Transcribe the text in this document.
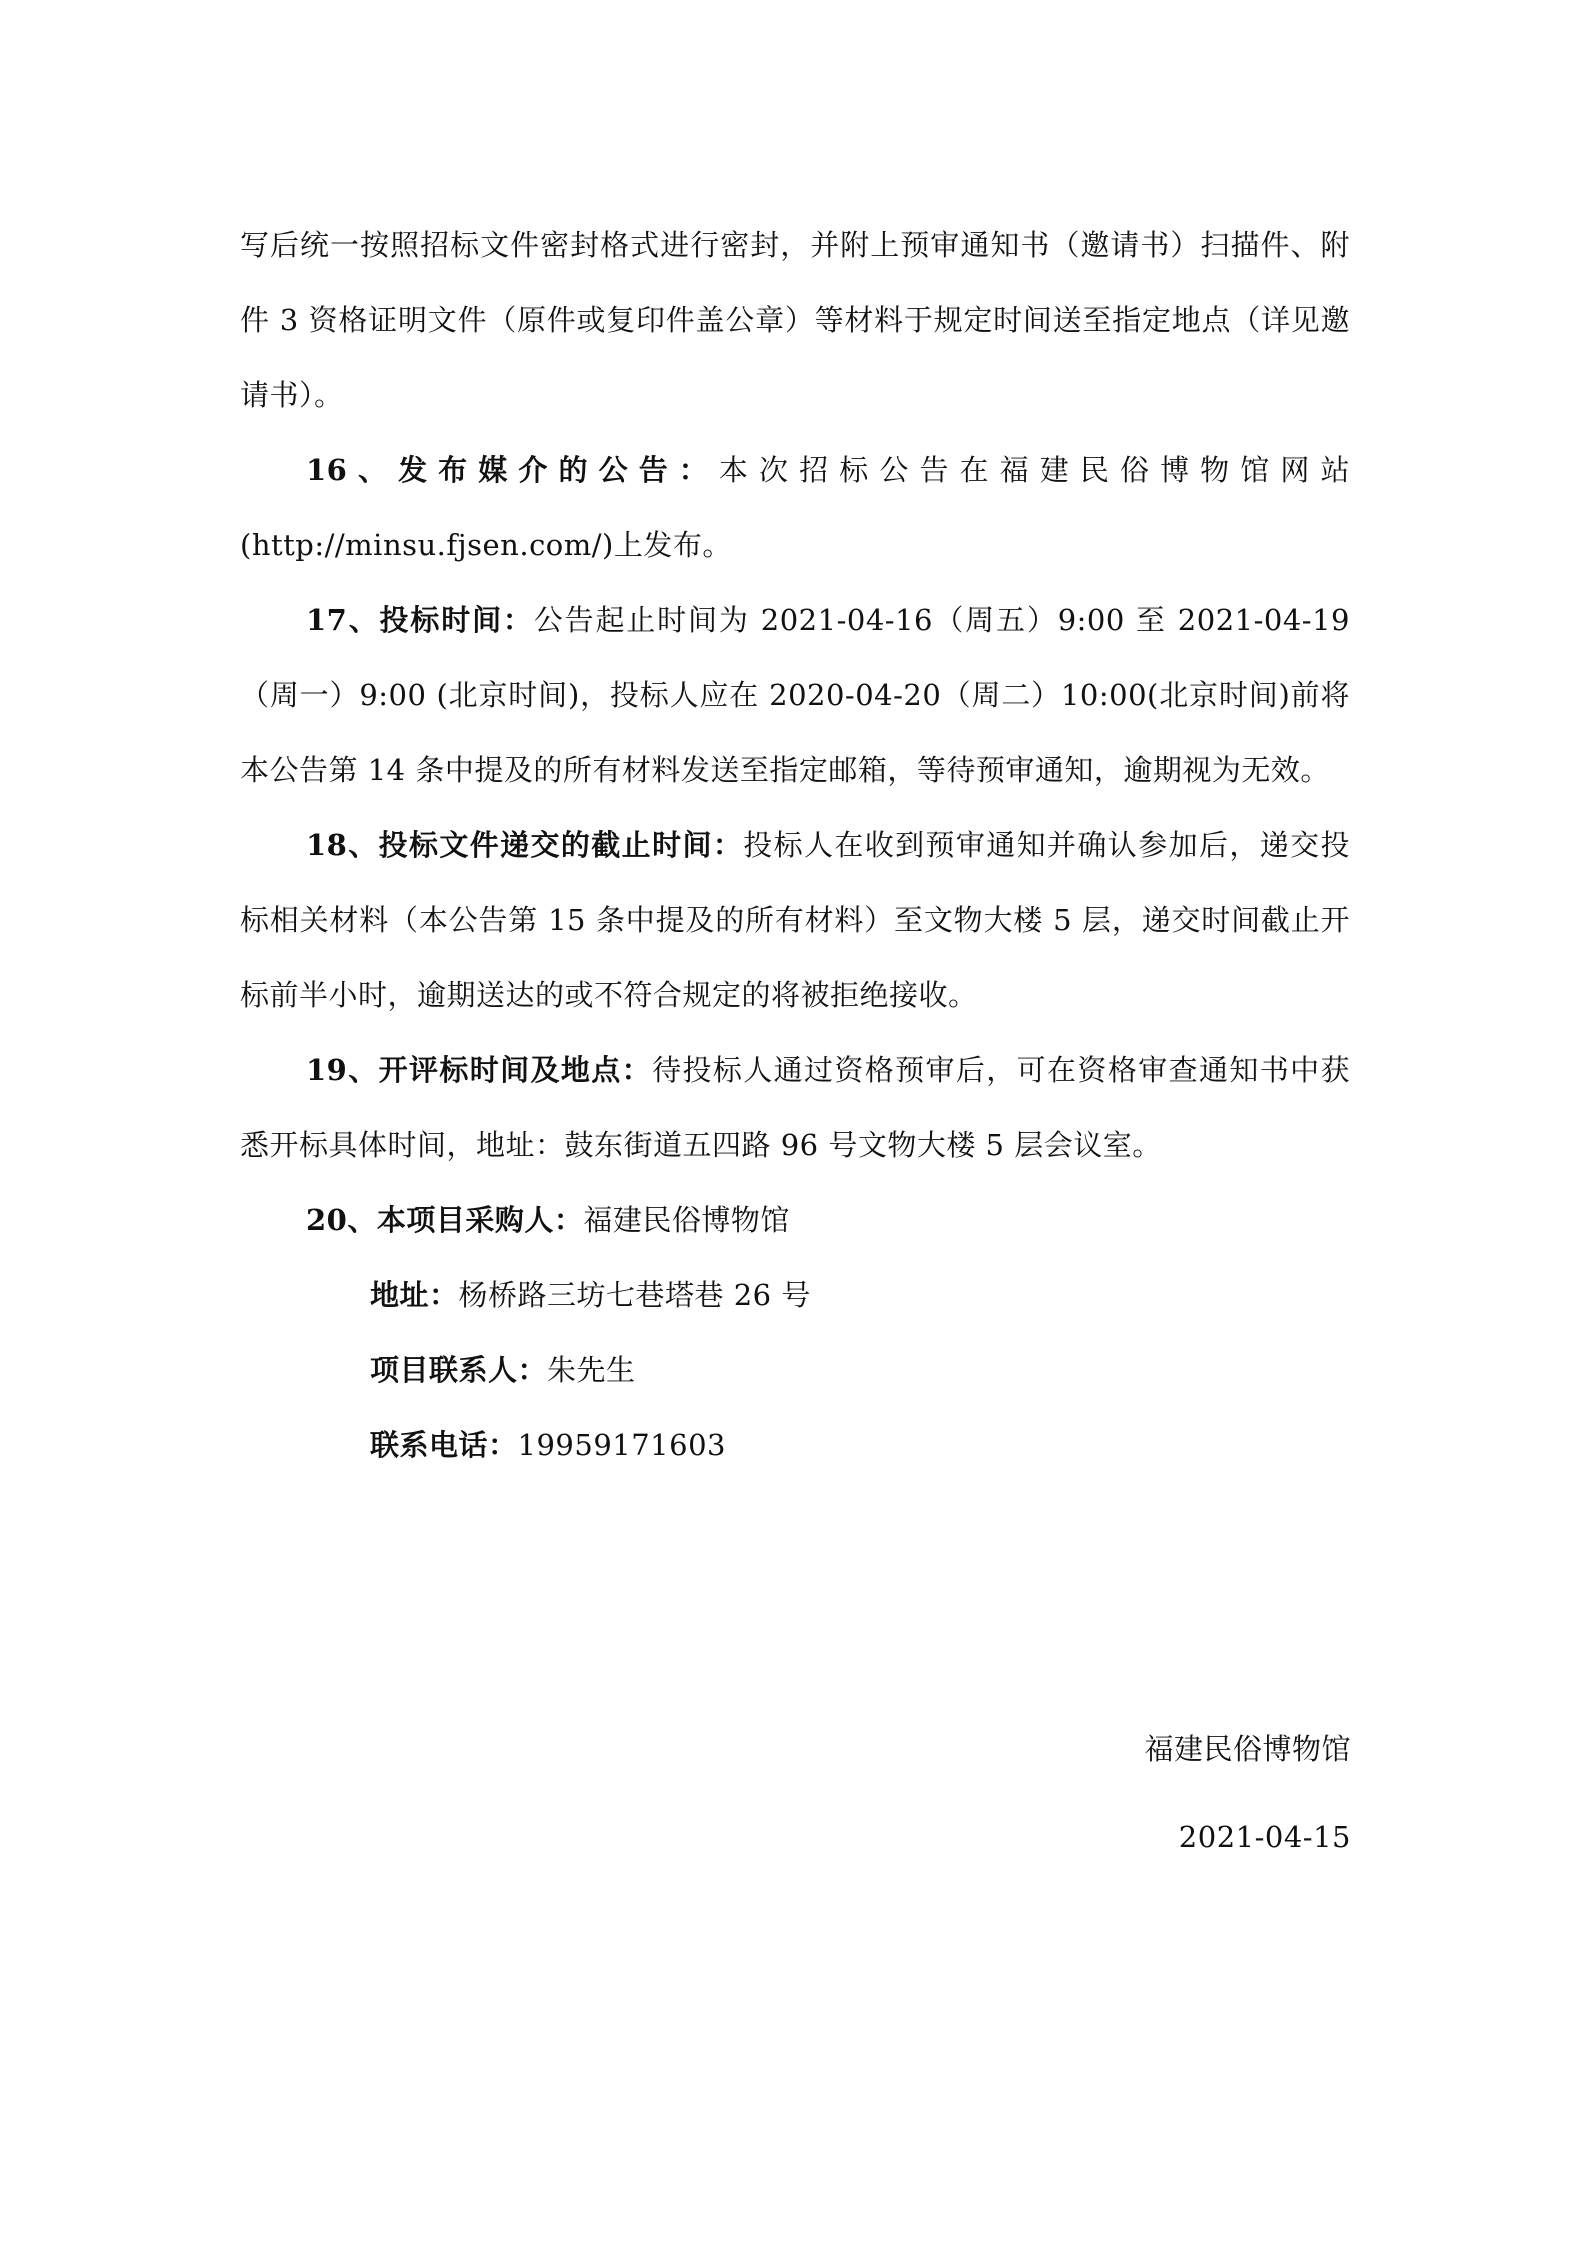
写后统一按照招标文件密封格式进行密封，并附上预审通知书（邀请书）扫描件、附件 3 资格证明文件（原件或复印件盖公章）等材料于规定时间送至指定地点（详见邀请书）。

16、发布媒介的公告：本次招标公告在福建民俗博物馆网站(http://minsu.fjsen.com/)上发布。

17、投标时间：公告起止时间为 2021-04-16（周五）9:00 至 2021-04-19（周一）9:00 (北京时间)，投标人应在 2020-04-20（周二）10:00(北京时间)前将本公告第 14 条中提及的所有材料发送至指定邮箱，等待预审通知，逾期视为无效。

18、投标文件递交的截止时间：投标人在收到预审通知并确认参加后，递交投标相关材料（本公告第 15 条中提及的所有材料）至文物大楼 5 层，递交时间截止开标前半小时，逾期送达的或不符合规定的将被拒绝接收。

19、开评标时间及地点：待投标人通过资格预审后，可在资格审查通知书中获悉开标具体时间，地址：鼓东街道五四路 96 号文物大楼 5 层会议室。

20、本项目采购人：福建民俗博物馆

地址：杨桥路三坊七巷塔巷 26 号

项目联系人：朱先生

联系电话：19959171603

福建民俗博物馆

2021-04-15
